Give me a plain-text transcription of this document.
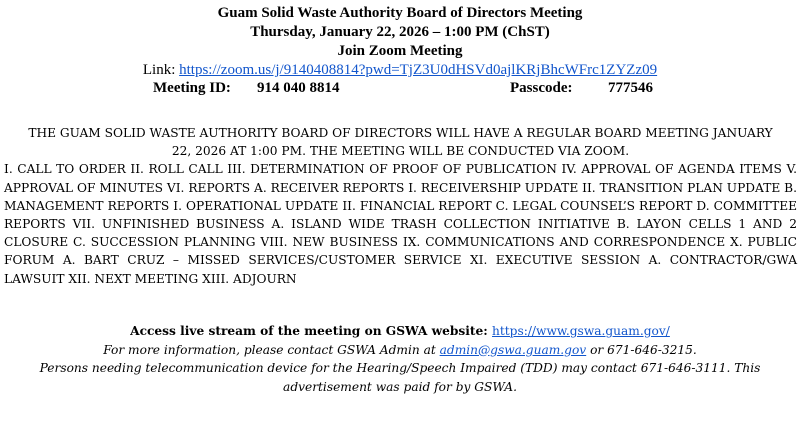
Guam Solid Waste Authority Board of Directors Meeting
Thursday, January 22, 2026 – 1:00 PM (ChST)
Join Zoom Meeting
Link: https://zoom.us/j/9140408814?pwd=TjZ3U0dHSVd0ajlKRjBhcWFrc1ZYZz09
Meeting ID: 914 040 8814	Passcode: 777546
THE GUAM SOLID WASTE AUTHORITY BOARD OF DIRECTORS WILL HAVE A REGULAR BOARD MEETING JANUARY 22, 2026 AT 1:00 PM. THE MEETING WILL BE CONDUCTED VIA ZOOM.
I. CALL TO ORDER II. ROLL CALL III. DETERMINATION OF PROOF OF PUBLICATION IV. APPROVAL OF AGENDA ITEMS V. APPROVAL OF MINUTES VI. REPORTS A. RECEIVER REPORTS I. RECEIVERSHIP UPDATE II. TRANSITION PLAN UPDATE B. MANAGEMENT REPORTS I. OPERATIONAL UPDATE II. FINANCIAL REPORT C. LEGAL COUNSEL’S REPORT D. COMMITTEE REPORTS VII. UNFINISHED BUSINESS A. ISLAND WIDE TRASH COLLECTION INITIATIVE B. LAYON CELLS 1 AND 2 CLOSURE C. SUCCESSION PLANNING VIII. NEW BUSINESS IX. COMMUNICATIONS AND CORRESPONDENCE X. PUBLIC FORUM A. BART CRUZ – MISSED SERVICES/CUSTOMER SERVICE XI. EXECUTIVE SESSION A. CONTRACTOR/GWA LAWSUIT XII. NEXT MEETING XIII. ADJOURN
Access live stream of the meeting on GSWA website: https://www.gswa.guam.gov/
For more information, please contact GSWA Admin at admin@gswa.guam.gov or 671-646-3215.
Persons needing telecommunication device for the Hearing/Speech Impaired (TDD) may contact 671-646-3111. This advertisement was paid for by GSWA.
